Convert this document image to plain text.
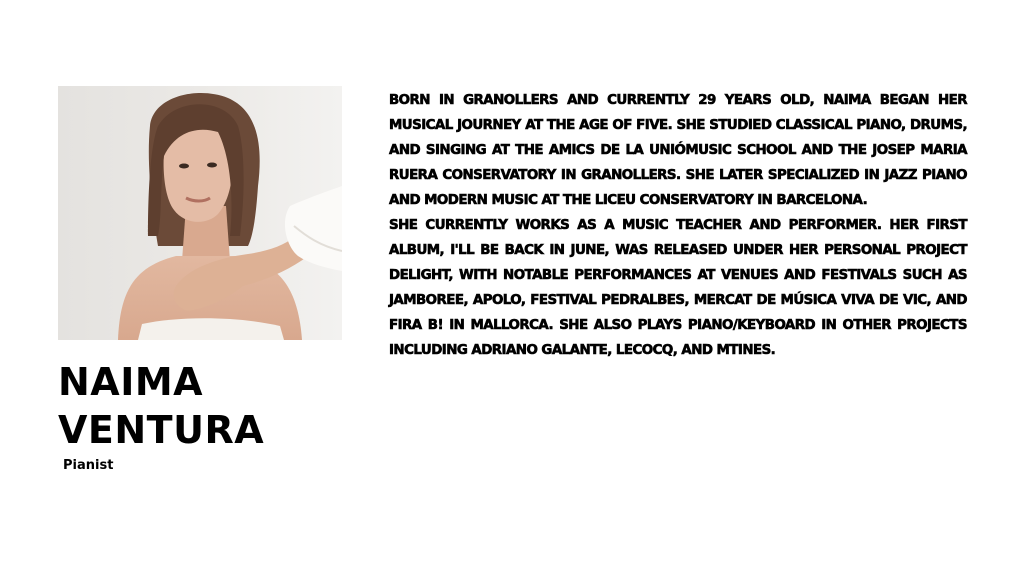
NAIMA
VENTURA
Pianist

BORN IN GRANOLLERS AND CURRENTLY 29 YEARS OLD, NAIMA BEGAN HER MUSICAL JOURNEY AT THE AGE OF FIVE. SHE STUDIED CLASSICAL PIANO, DRUMS, AND SINGING AT THE AMICS DE LA UNIÓMUSIC SCHOOL AND THE JOSEP MARIA RUERA CONSERVATORY IN GRANOLLERS. SHE LATER SPECIALIZED IN JAZZ PIANO AND MODERN MUSIC AT THE LICEU CONSERVATORY IN BARCELONA.

SHE CURRENTLY WORKS AS A MUSIC TEACHER AND PERFORMER. HER FIRST ALBUM, I'LL BE BACK IN JUNE, WAS RELEASED UNDER HER PERSONAL PROJECT DELIGHT, WITH NOTABLE PERFORMANCES AT VENUES AND FESTIVALS SUCH AS JAMBOREE, APOLO, FESTIVAL PEDRALBES, MERCAT DE MÚSICA VIVA DE VIC, AND FIRA B! IN MALLORCA. SHE ALSO PLAYS PIANO/KEYBOARD IN OTHER PROJECTS INCLUDING ADRIANO GALANTE, LECOCQ, AND MTINES.
